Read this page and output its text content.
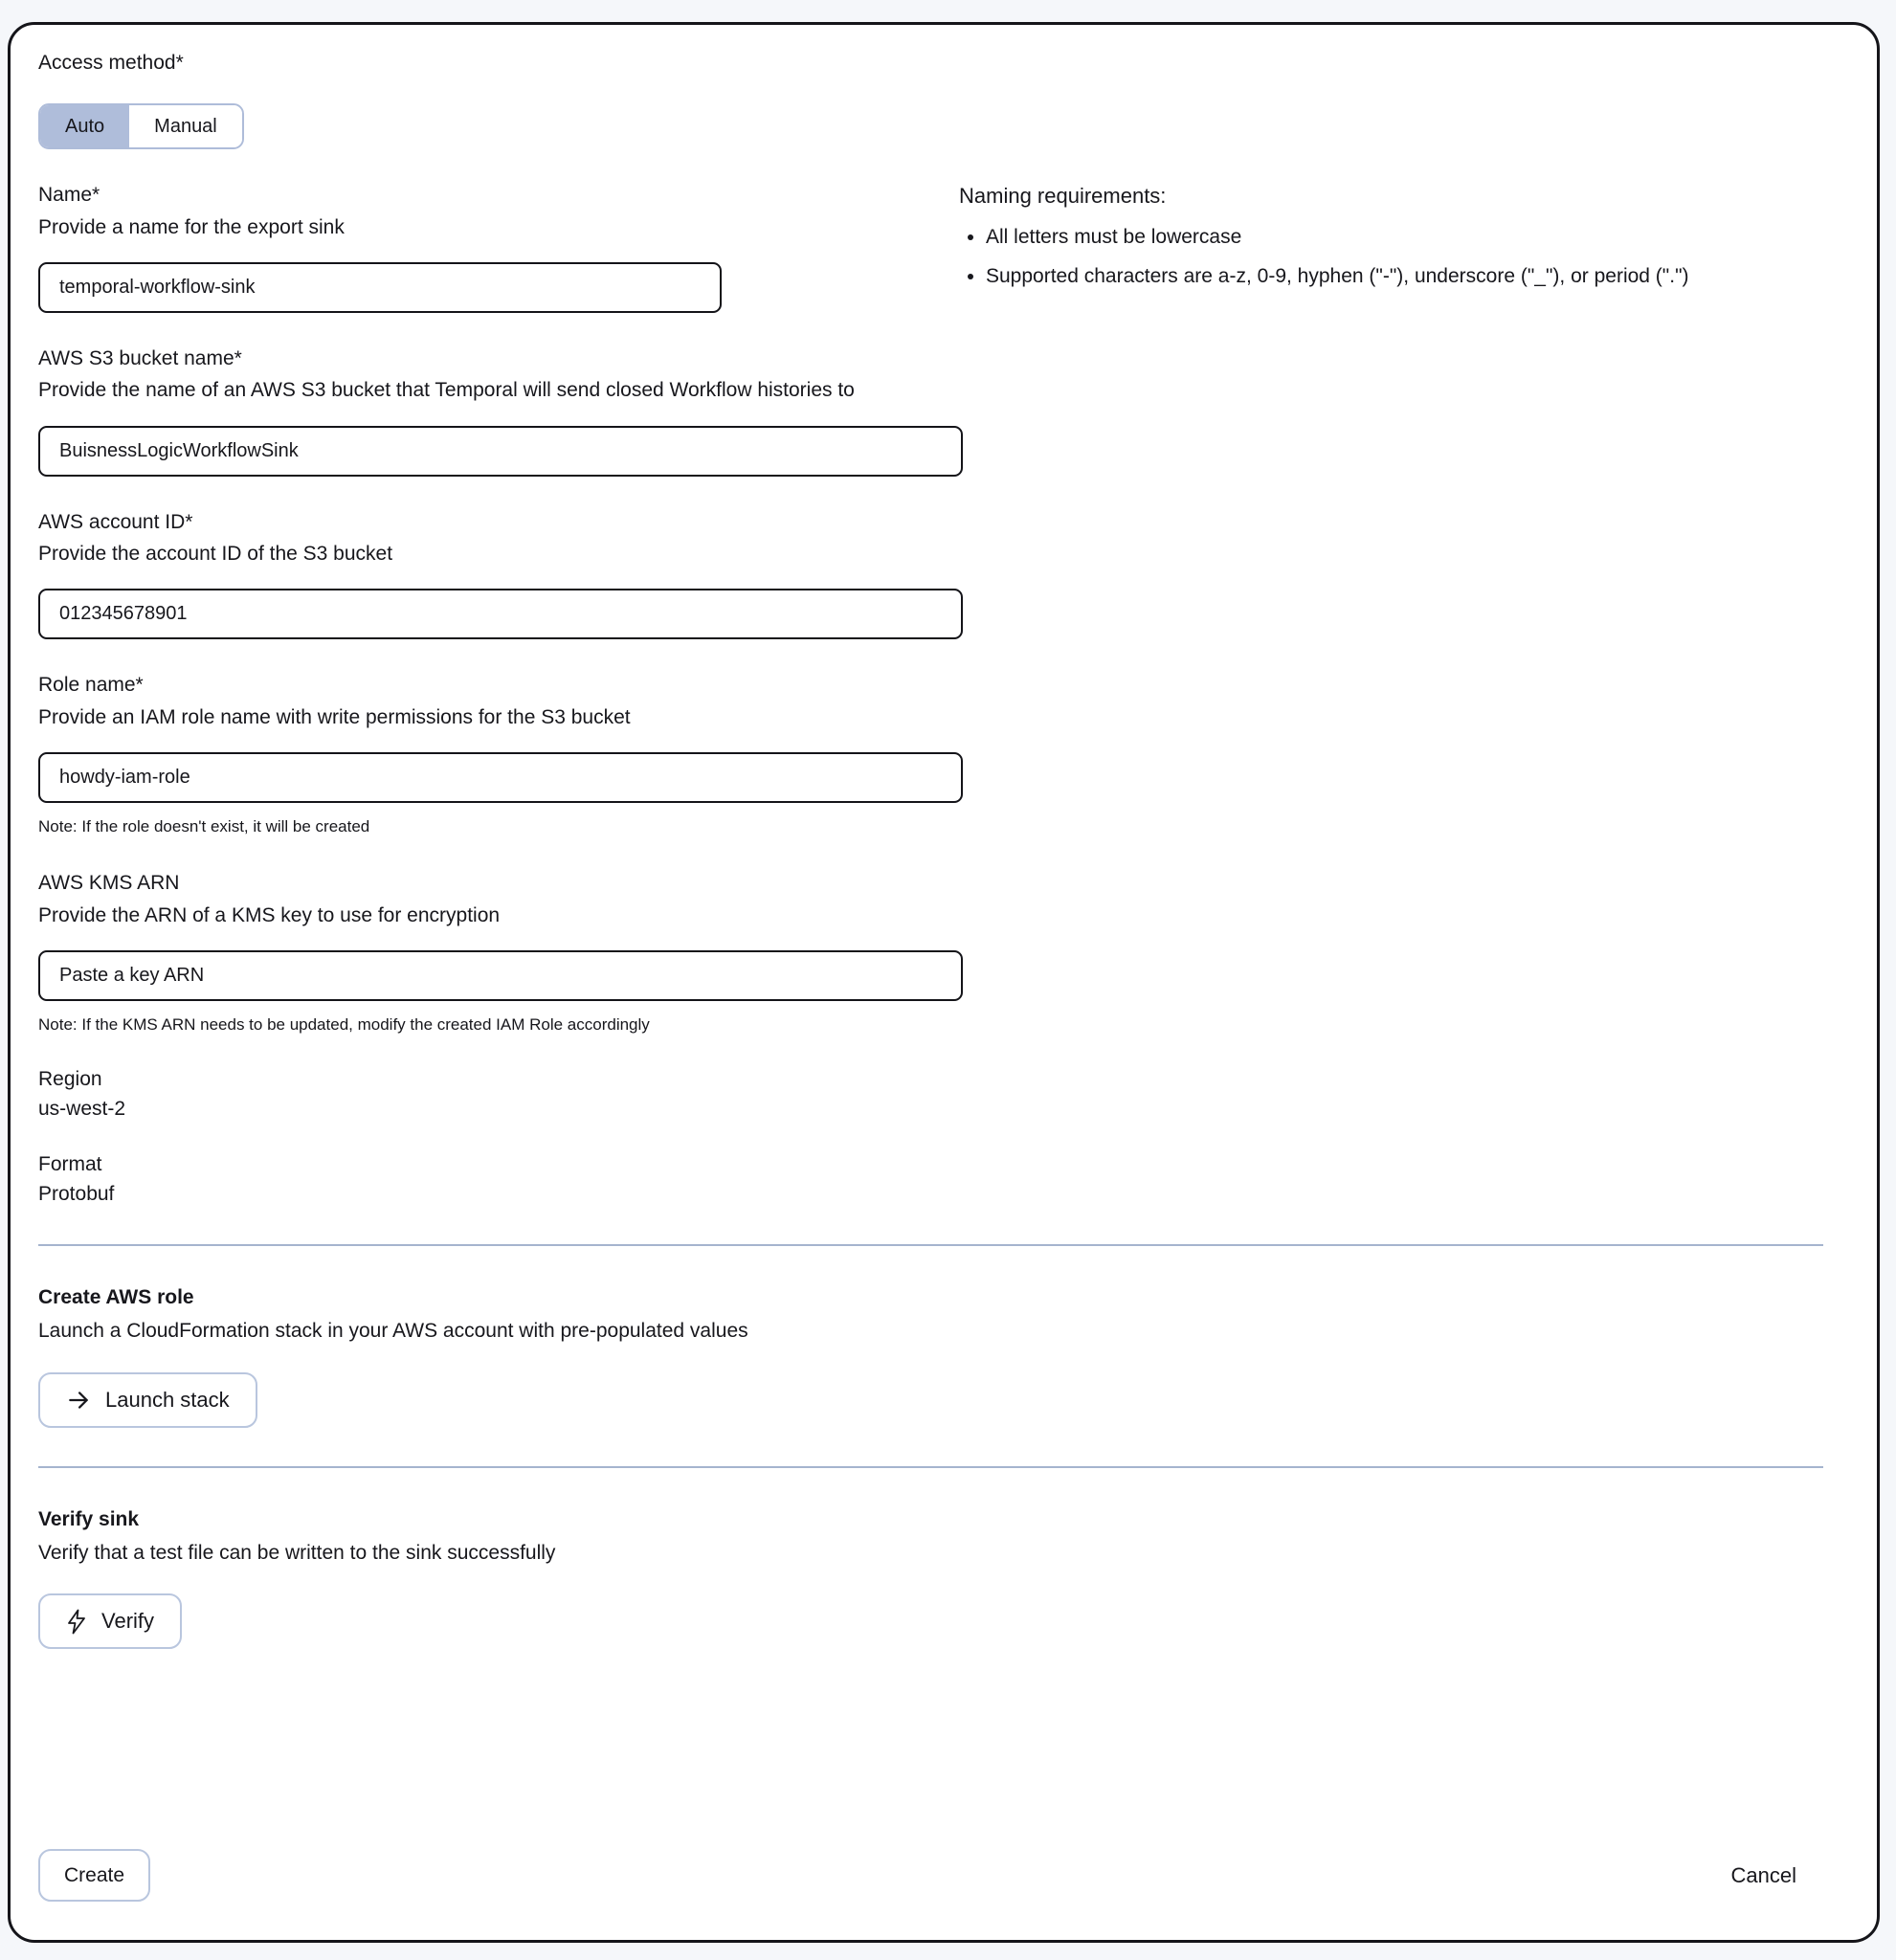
Access method*
Auto	Manual
Name*
Provide a name for the export sink
temporal-workflow-sink
Naming requirements:
• All letters must be lowercase
• Supported characters are a-z, 0-9, hyphen ("-"), underscore ("_"), or period (".")
AWS S3 bucket name*
Provide the name of an AWS S3 bucket that Temporal will send closed Workflow histories to
BuisnessLogicWorkflowSink
AWS account ID*
Provide the account ID of the S3 bucket
012345678901
Role name*
Provide an IAM role name with write permissions for the S3 bucket
howdy-iam-role
Note: If the role doesn't exist, it will be created
AWS KMS ARN
Provide the ARN of a KMS key to use for encryption
Paste a key ARN
Note: If the KMS ARN needs to be updated, modify the created IAM Role accordingly
Region
us-west-2
Format
Protobuf
Create AWS role
Launch a CloudFormation stack in your AWS account with pre-populated values
Launch stack
Verify sink
Verify that a test file can be written to the sink successfully
Verify
Create	Cancel
